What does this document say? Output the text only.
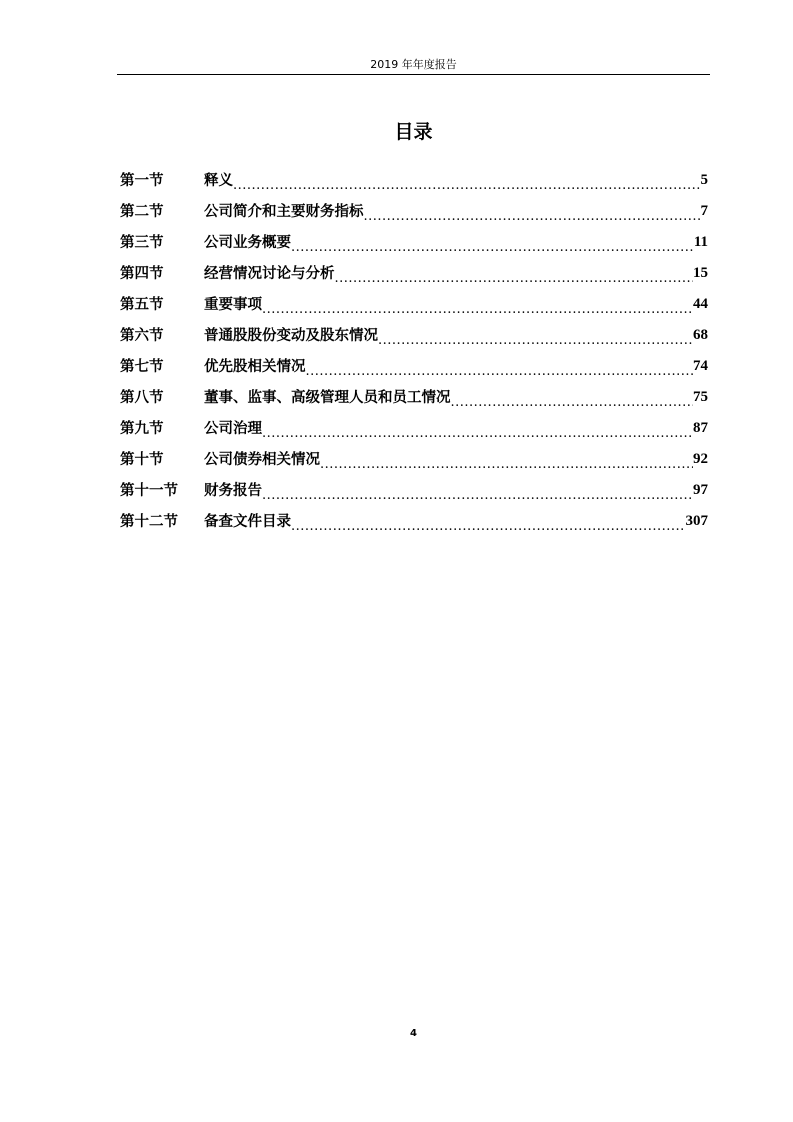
2019 年年度报告
目录
第一节	释义 .....	5
第二节	公司简介和主要财务指标 .....	7
第三节	公司业务概要 .....	11
第四节	经营情况讨论与分析 .....	15
第五节	重要事项 .....	44
第六节	普通股股份变动及股东情况 .....	68
第七节	优先股相关情况 .....	74
第八节	董事、监事、高级管理人员和员工情况 .....	75
第九节	公司治理 .....	87
第十节	公司债券相关情况 .....	92
第十一节	财务报告 .....	97
第十二节	备查文件目录 .....	307
4
